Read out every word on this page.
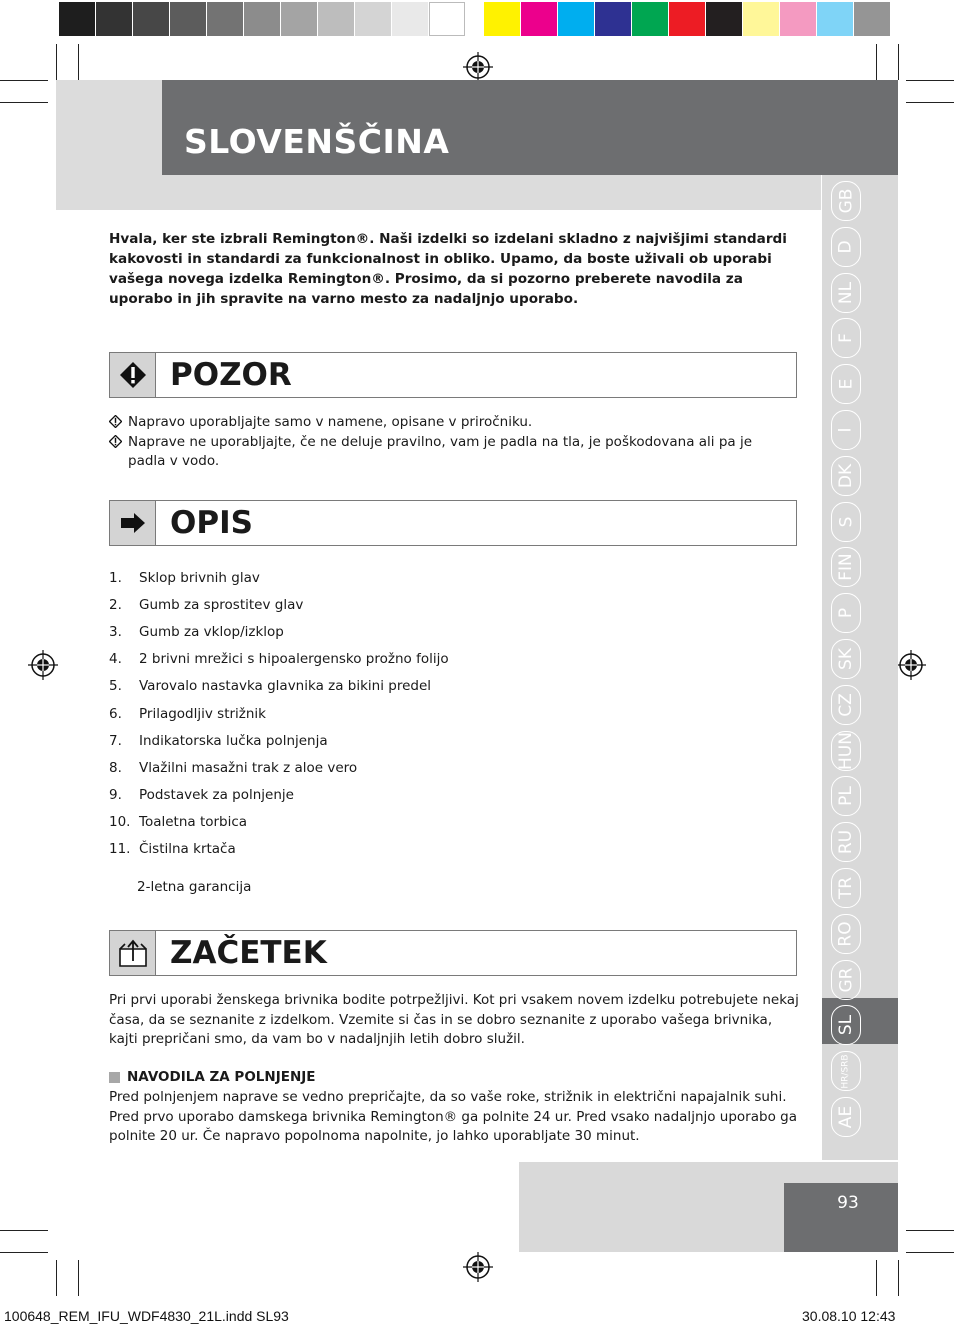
SLOVENŠČINA
GB
D
NL
F
E
I
DK
S
FIN
P
SK
CZ
HUN
PL
RU
TR
RO
GR
SL
HR/SRB
AE
Hvala, ker ste izbrali Remington®. Naši izdelki so izdelani skladno z najvišjimi standardi kakovosti in standardi za funkcionalnost in obliko. Upamo, da boste uživali ob uporabi vašega novega izdelka Remington®. Prosimo, da si pozorno preberete navodila za uporabo in jih spravite na varno mesto za nadaljnjo uporabo.
POZOR
Napravo uporabljajte samo v namene, opisane v priročniku.
Naprave ne uporabljajte, če ne deluje pravilno, vam je padla na tla, je poškodovana ali pa je padla v vodo.
OPIS
1. Sklop brivnih glav
2. Gumb za sprostitev glav
3. Gumb za vklop/izklop
4. 2 brivni mrežici s hipoalergensko prožno folijo
5. Varovalo nastavka glavnika za bikini predel
6. Prilagodljiv strižnik
7. Indikatorska lučka polnjenja
8. Vlažilni masažni trak z aloe vero
9. Podstavek za polnjenje
10. Toaletna torbica
11. Čistilna krtača
2-letna garancija
ZAČETEK
Pri prvi uporabi ženskega brivnika bodite potrpežljivi. Kot pri vsakem novem izdelku potrebujete nekaj časa, da se seznanite z izdelkom. Vzemite si čas in se dobro seznanite z uporabo vašega brivnika, kajti prepričani smo, da vam bo v nadaljnjih letih dobro služil.
NAVODILA ZA POLNJENJE
Pred polnjenjem naprave se vedno prepričajte, da so vaše roke, strižnik in električni napajalnik suhi. Pred prvo uporabo damskega brivnika Remington® ga polnite 24 ur. Pred vsako nadaljnjo uporabo ga polnite 20 ur. Če napravo popolnoma napolnite, jo lahko uporabljate 30 minut.
93
100648_REM_IFU_WDF4830_21L.indd SL93	30.08.10 12:43
